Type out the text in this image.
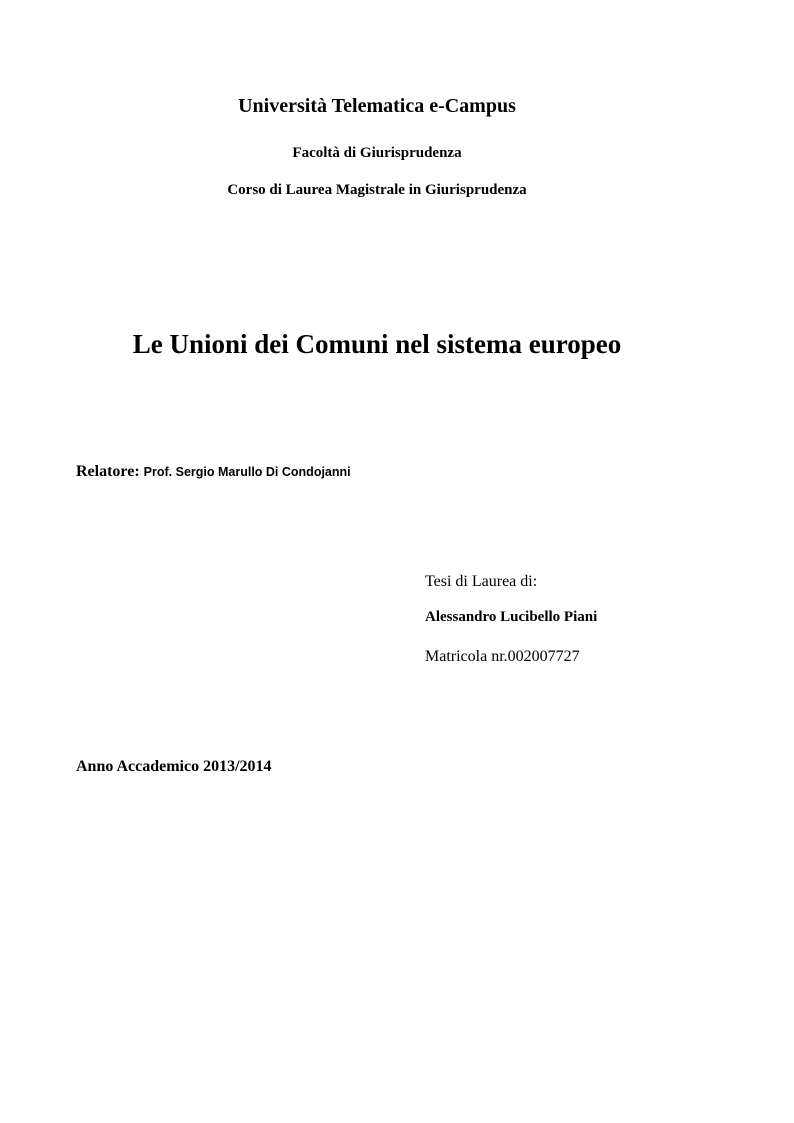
Università Telematica e-Campus
Facoltà di Giurisprudenza
Corso di Laurea Magistrale in Giurisprudenza
Le Unioni dei Comuni nel sistema europeo
Relatore: Prof. Sergio Marullo Di Condojanni
Tesi di Laurea di:
Alessandro Lucibello Piani
Matricola nr.002007727
Anno Accademico 2013/2014
